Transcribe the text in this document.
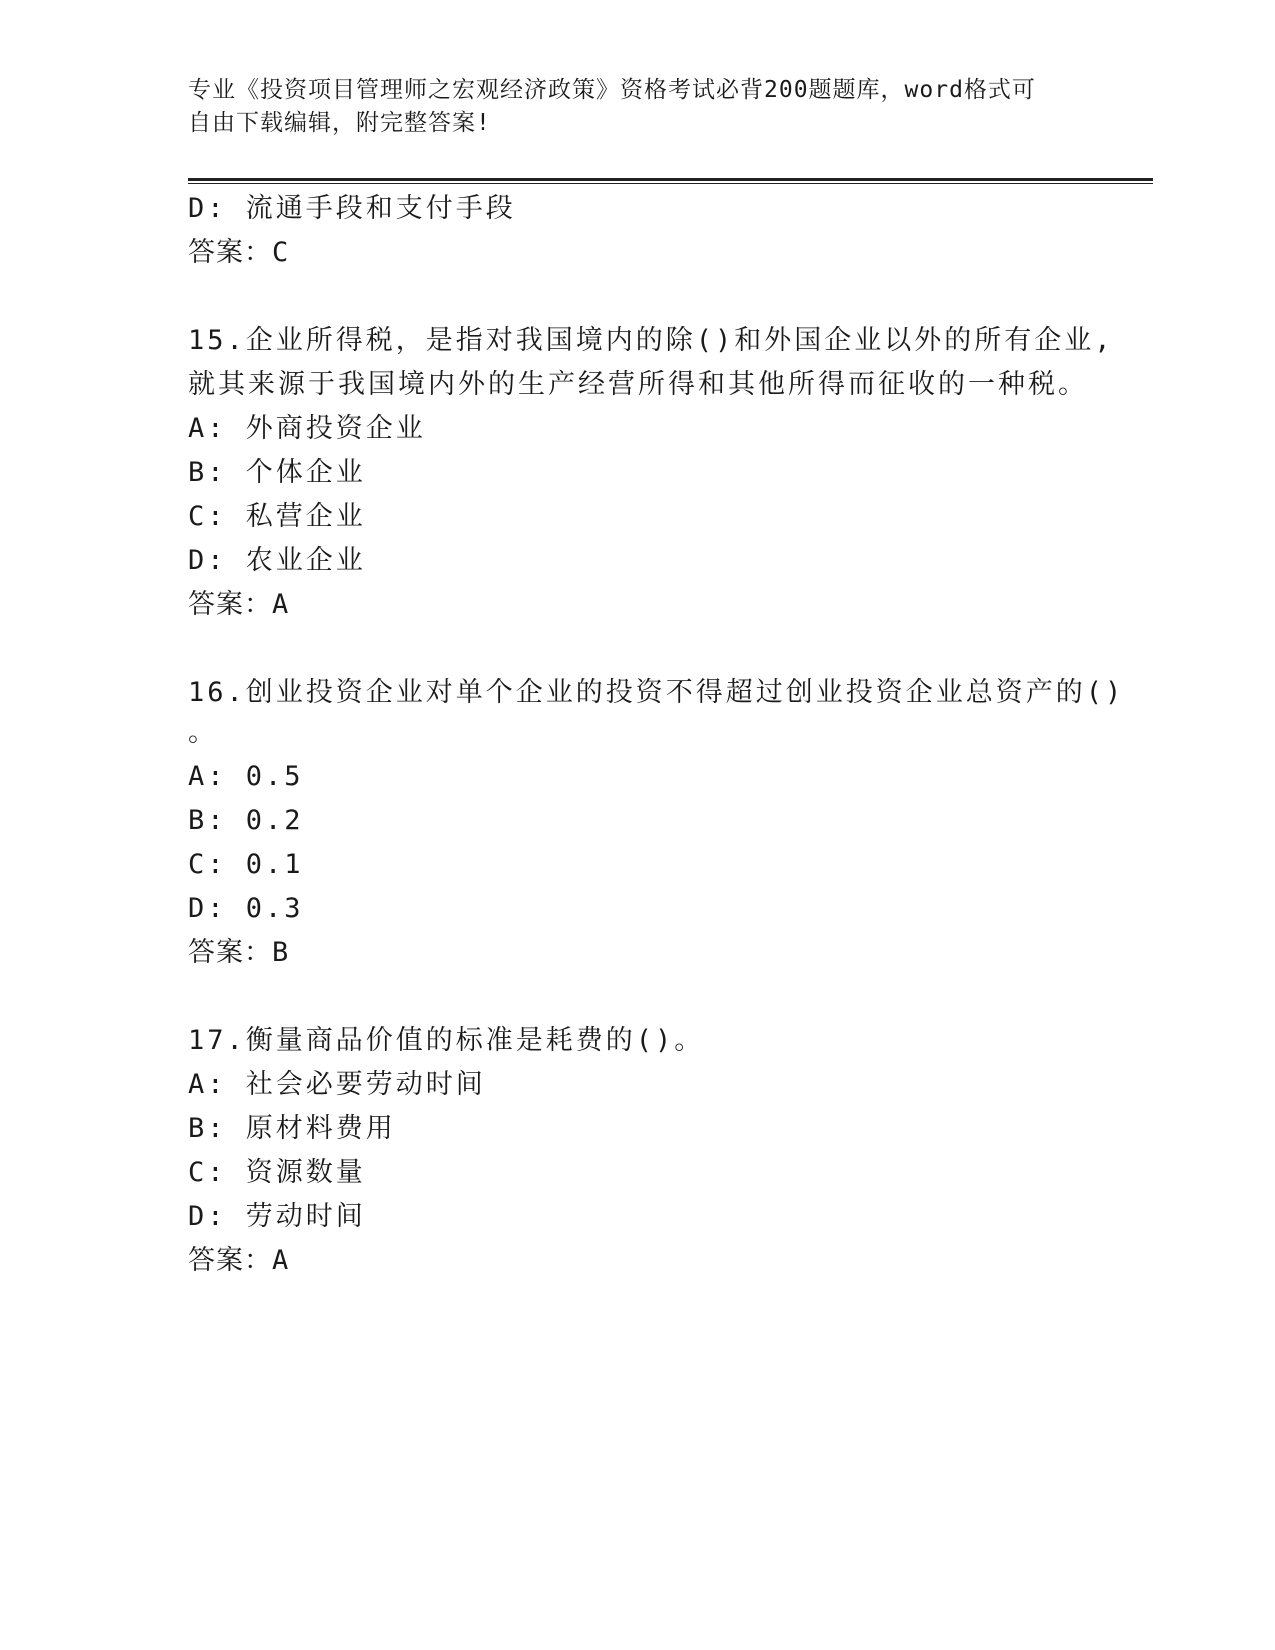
专业《投资项目管理师之宏观经济政策》资格考试必背200题题库，word格式可
自由下载编辑，附完整答案!
D: 流通手段和支付手段
答案：C
15.企业所得税，是指对我国境内的除()和外国企业以外的所有企业,
就其来源于我国境内外的生产经营所得和其他所得而征收的一种税。
A: 外商投资企业
B: 个体企业
C: 私营企业
D: 农业企业
答案：A
16.创业投资企业对单个企业的投资不得超过创业投资企业总资产的()
。
A: 0.5
B: 0.2
C: 0.1
D: 0.3
答案：B
17.衡量商品价值的标准是耗费的()。
A: 社会必要劳动时间
B: 原材料费用
C: 资源数量
D: 劳动时间
答案：A
